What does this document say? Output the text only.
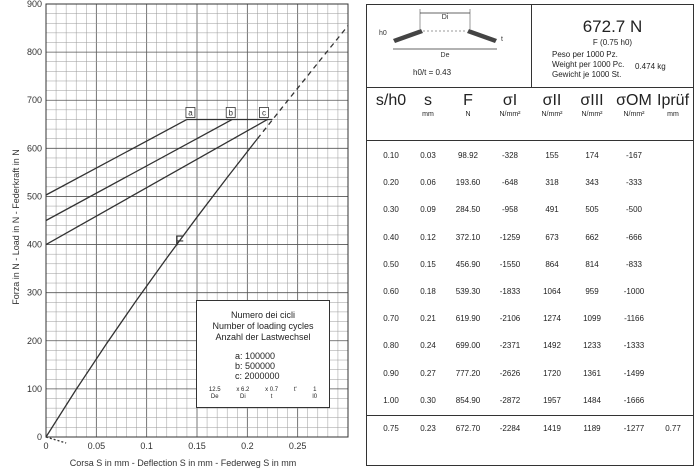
0	0.05	0.1	0.15	0.2	0.25
0
100
200
300
400
500
600
700
800
900
a	b	c
F
Corsa S in mm - Deflection S in mm - Federweg S in mm
Forza in N - Load in N - Federkraft in N
Numero dei cicli
Number of loading cycles
Anzahl der Lastwechsel
a: 100000
b: 500000
c: 2000000
12.5
De
x 6.2
Di
x 0.7
t
t'	1
l0
Di
De
h0
t
h0/t = 0.43
672.7 N
F (0.75 h0)
Peso per 1000 Pz.
Weight per 1000 Pc.
Gewicht je 1000 St.
0.474 kg
s/h0	s
mm
F
N
σI
N/mm²
σII
N/mm²
σIII
N/mm²
σOM
N/mm²
Iprüf
mm
0.10	0.03	98.92	-328	155	174	-167
0.20	0.06	193.60	-648	318	343	-333
0.30	0.09	284.50	-958	491	505	-500
0.40	0.12	372.10	-1259	673	662	-666
0.50	0.15	456.90	-1550	864	814	-833
0.60	0.18	539.30	-1833	1064	959	-1000
0.70	0.21	619.90	-2106	1274	1099	-1166
0.80	0.24	699.00	-2371	1492	1233	-1333
0.90	0.27	777.20	-2626	1720	1361	-1499
1.00	0.30	854.90	-2872	1957	1484	-1666
0.75	0.23	672.70	-2284	1419	1189	-1277	0.77
